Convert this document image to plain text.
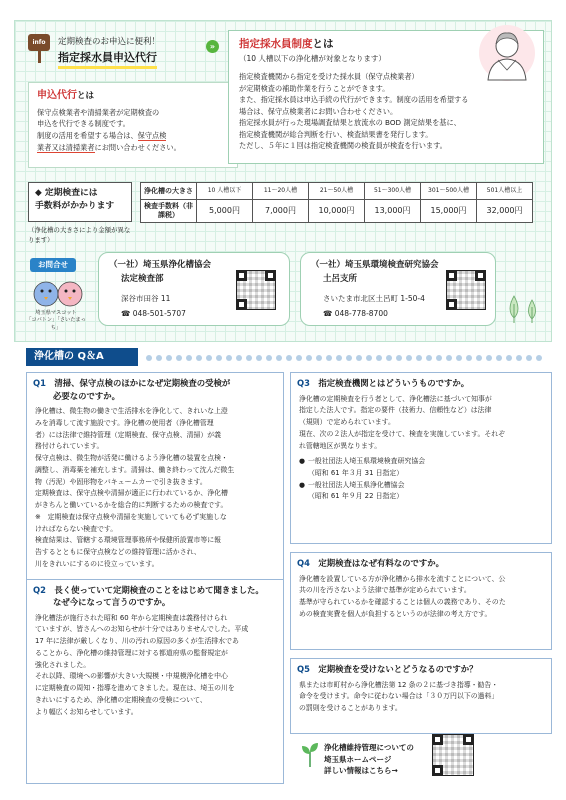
info	定期検査のお申込に便利！
指定採水員申込代行
»
申込代行とは
保守点検業者や清掃業者が定期検査の
申込を代行できる制度です。
制度の活用を希望する場合は、保守点検
業者又は清掃業者にお問い合わせください。
指定採水員制度とは
（10 人槽以下の浄化槽が対象となります）
指定検査機関から指定を受けた採水員（保守点検業者）
が定期検査の補助作業を行うことができます。
また、指定採水員は申込手続の代行ができます。制度の活用を希望する
場合は、保守点検業者にお問い合わせください。
指定採水員が行った現場調査結果と放流水の BOD 測定結果を基に、
指定検査機関が総合判断を行い、検査結果書を発行します。
ただし、５年に１回は指定検査機関の検査員が検査を行います。
◆ 定期検査には
手数料がかかります
（浄化槽の大きさにより金額が異なります）
浄化槽の大きさ	10 人槽以下	11～20人槽	21～50人槽	51～300人槽	301～500人槽	501人槽以上
検査手数料（非課税）	5,000円	7,000円	10,000円	13,000円	15,000円	32,000円
お問合せ
埼玉県マスコット
「コバトン」「さいたまっち」
（一社）埼玉県浄化槽協会
法定検査部
深谷市田谷 11
☎ 048-501-5707
（一社）埼玉県環境検査研究協会
土呂支所
さいたま市北区土呂町 1-50-4
☎ 048-778-8700
浄化槽の Q＆A
Q1　 清掃、保守点検のほかになぜ定期検査の受検が
必要なのですか。
浄化槽は、微生物の働きで生活排水を浄化して、きれいな上澄
みを消毒して流す施設です。浄化槽の使用者（浄化槽管理
者）には法律で維持管理（定期検査、保守点検、清掃）が義
務付けられています。
保守点検は、微生物が活発に働けるよう浄化槽の装置を点検・
調整し、消毒薬を補充します。清掃は、働き終わって沈んだ微生
物（汚泥）や固形物をバキュームカーで引き抜きます。
定期検査は、保守点検や清掃が適正に行われているか、浄化槽
がきちんと働いているかを総合的に判断するための検査です。
※　定期検査は保守点検や清掃を実施していても必ず実施しな
ければならない検査です。
検査結果は、管轄する環境管理事務所や保健所設置市等に報
告するとともに保守点検などの維持管理に活かされ、
川をきれいにするのに役立っています。
Q2　 長く使っていて定期検査のことをはじめて聞きました。
なぜ今になって言うのですか。
浄化槽法が施行された昭和 60 年から定期検査は義務付けられ
ていますが、皆さんへのお知らせが十分ではありませんでした。平成
17 年に法律が厳しくなり、川の汚れの原因の多くが生活排水であ
ることから、浄化槽の維持管理に対する都道府県の監督規定が
強化されました。
それ以降、環境への影響が大きい大規模・中規模浄化槽を中心
に定期検査の周知・指導を進めてきました。現在は、埼玉の川を
きれいにするため、浄化槽の定期検査の受検について、
より幅広くお知らせしています。
Q3　 指定検査機関とはどういうものですか。
浄化槽の定期検査を行う者として、浄化槽法に基づいて知事が
指定した法人です。指定の要件（技術力、信頼性など）は法律
（規則）で定められています。
現在、次の２法人が指定を受けて、検査を実施しています。それぞ
れ管轄地区が異なります。
● 一般社団法人埼玉県環境検査研究協会
（昭和 61 年３月 31 日指定）
● 一般社団法人埼玉県浄化槽協会
（昭和 61 年９月 22 日指定）
Q4　 定期検査はなぜ有料なのですか。
浄化槽を設置している方が浄化槽から排水を流すことについて、公
共の川を汚さないよう法律で基準が定められています。
基準が守られているかを確認することは個人の義務であり、そのた
めの検査実費を個人が負担するというのが法律の考え方です。
Q5　 定期検査を受けないとどうなるのですか？
県または市町村から浄化槽法第 12 条の２に基づき指導・勧告・
命令を受けます。命令に従わない場合は「３０万円以下の過料」
の罰則を受けることがあります。
浄化槽維持管理についての
埼玉県ホームページ
詳しい情報はこちら→
